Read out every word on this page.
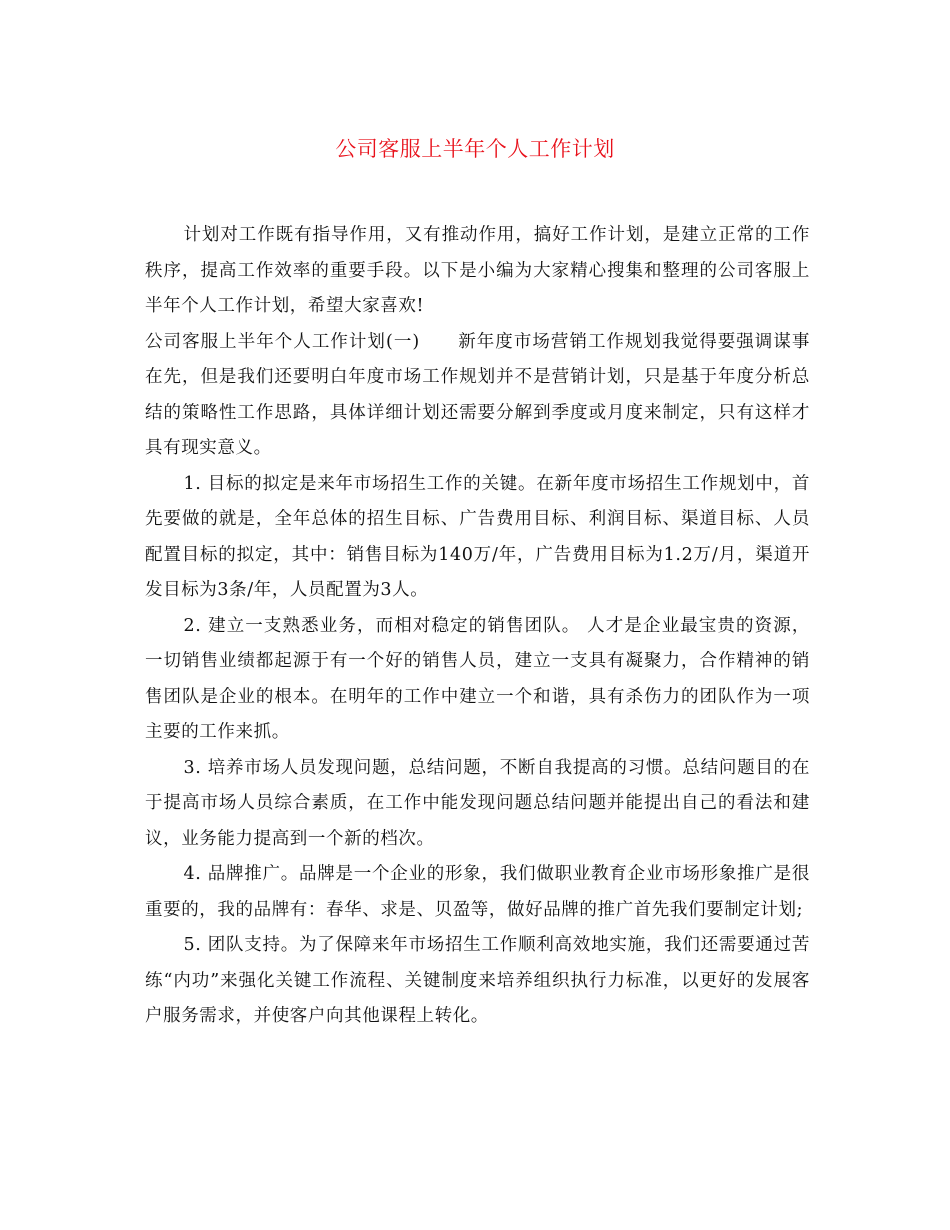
公司客服上半年个人工作计划

计划对工作既有指导作用，又有推动作用，搞好工作计划，是建立正常的工作秩序，提高工作效率的重要手段。以下是小编为大家精心搜集和整理的公司客服上半年个人工作计划，希望大家喜欢!

公司客服上半年个人工作计划(一) 新年度市场营销工作规划我觉得要强调谋事在先，但是我们还要明白年度市场工作规划并不是营销计划，只是基于年度分析总结的策略性工作思路，具体详细计划还需要分解到季度或月度来制定，只有这样才具有现实意义。

1. 目标的拟定是来年市场招生工作的关键。在新年度市场招生工作规划中，首先要做的就是，全年总体的招生目标、广告费用目标、利润目标、渠道目标、人员配置目标的拟定，其中：销售目标为140万/年，广告费用目标为1.2万/月，渠道开发目标为3条/年，人员配置为3人。

2. 建立一支熟悉业务，而相对稳定的销售团队。 人才是企业最宝贵的资源，一切销售业绩都起源于有一个好的销售人员，建立一支具有凝聚力，合作精神的销售团队是企业的根本。在明年的工作中建立一个和谐，具有杀伤力的团队作为一项主要的工作来抓。

3. 培养市场人员发现问题，总结问题，不断自我提高的习惯。总结问题目的在于提高市场人员综合素质，在工作中能发现问题总结问题并能提出自己的看法和建议，业务能力提高到一个新的档次。

4. 品牌推广。品牌是一个企业的形象，我们做职业教育企业市场形象推广是很重要的，我的品牌有：春华、求是、贝盈等，做好品牌的推广首先我们要制定计划;

5. 团队支持。为了保障来年市场招生工作顺利高效地实施，我们还需要通过苦练“内功”来强化关键工作流程、关键制度来培养组织执行力标准，以更好的发展客户服务需求，并使客户向其他课程上转化。
